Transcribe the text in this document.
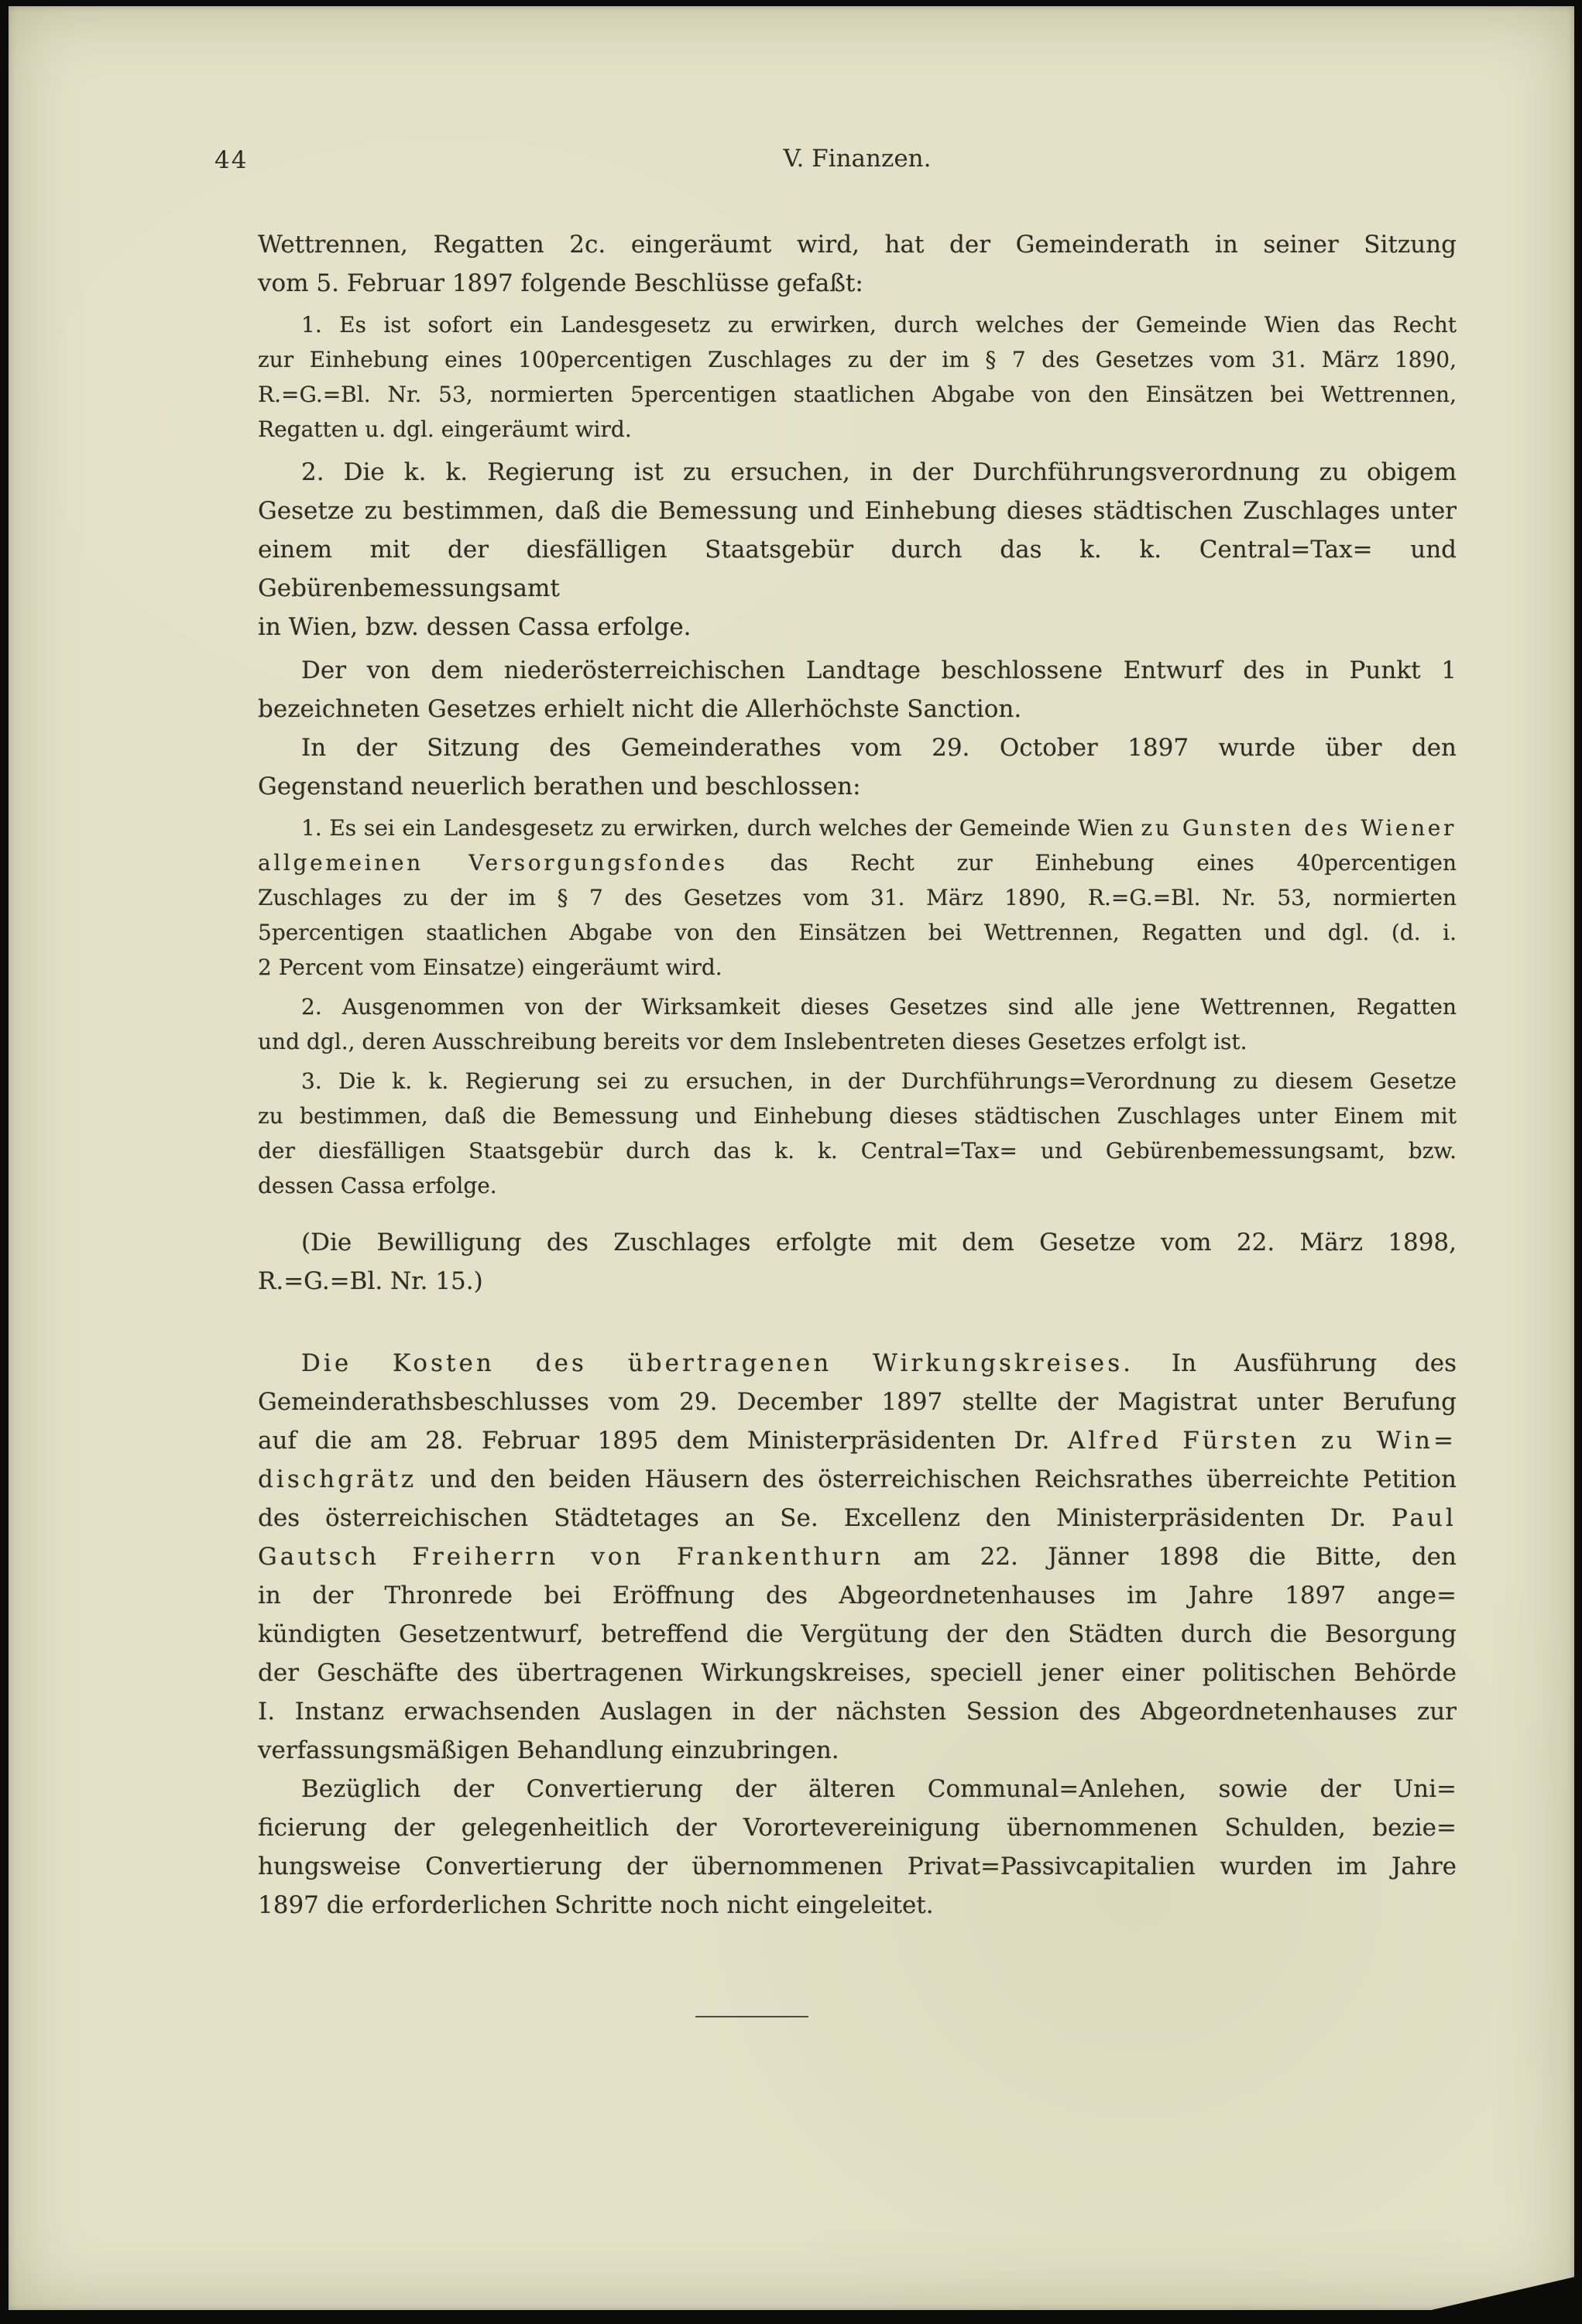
44	V. Finanzen.
Wettrennen, Regatten 2c. eingeräumt wird, hat der Gemeinderath in seiner Sitzung
vom 5. Februar 1897 folgende Beschlüsse gefaßt:
1. Es ist sofort ein Landesgesetz zu erwirken, durch welches der Gemeinde Wien das Recht
zur Einhebung eines 100percentigen Zuschlages zu der im § 7 des Gesetzes vom 31. März 1890,
R.=G.=Bl. Nr. 53, normierten 5percentigen staatlichen Abgabe von den Einsätzen bei Wettrennen,
Regatten u. dgl. eingeräumt wird.
2. Die k. k. Regierung ist zu ersuchen, in der Durchführungsverordnung zu obigem
Gesetze zu bestimmen, daß die Bemessung und Einhebung dieses städtischen Zuschlages unter
einem mit der diesfälligen Staatsgebür durch das k. k. Central=Tax= und Gebürenbemessungsamt
in Wien, bzw. dessen Cassa erfolge.
Der von dem niederösterreichischen Landtage beschlossene Entwurf des in Punkt 1
bezeichneten Gesetzes erhielt nicht die Allerhöchste Sanction.
In der Sitzung des Gemeinderathes vom 29. October 1897 wurde über den
Gegenstand neuerlich berathen und beschlossen:
1. Es sei ein Landesgesetz zu erwirken, durch welches der Gemeinde Wien zu Gunsten des Wiener
allgemeinen Versorgungsfondes das Recht zur Einhebung eines 40percentigen
Zuschlages zu der im § 7 des Gesetzes vom 31. März 1890, R.=G.=Bl. Nr. 53, normierten
5percentigen staatlichen Abgabe von den Einsätzen bei Wettrennen, Regatten und dgl. (d. i.
2 Percent vom Einsatze) eingeräumt wird.
2. Ausgenommen von der Wirksamkeit dieses Gesetzes sind alle jene Wettrennen, Regatten
und dgl., deren Ausschreibung bereits vor dem Inslebentreten dieses Gesetzes erfolgt ist.
3. Die k. k. Regierung sei zu ersuchen, in der Durchführungs=Verordnung zu diesem Gesetze
zu bestimmen, daß die Bemessung und Einhebung dieses städtischen Zuschlages unter Einem mit
der diesfälligen Staatsgebür durch das k. k. Central=Tax= und Gebürenbemessungsamt, bzw.
dessen Cassa erfolge.
(Die Bewilligung des Zuschlages erfolgte mit dem Gesetze vom 22. März 1898,
R.=G.=Bl. Nr. 15.)
Die Kosten des übertragenen Wirkungskreises. In Ausführung des
Gemeinderathsbeschlusses vom 29. December 1897 stellte der Magistrat unter Berufung
auf die am 28. Februar 1895 dem Ministerpräsidenten Dr. Alfred Fürsten zu Win=
dischgrätz und den beiden Häusern des österreichischen Reichsrathes überreichte Petition
des österreichischen Städtetages an Se. Excellenz den Ministerpräsidenten Dr. Paul
Gautsch Freiherrn von Frankenthurn am 22. Jänner 1898 die Bitte, den
in der Thronrede bei Eröffnung des Abgeordnetenhauses im Jahre 1897 ange=
kündigten Gesetzentwurf, betreffend die Vergütung der den Städten durch die Besorgung
der Geschäfte des übertragenen Wirkungskreises, speciell jener einer politischen Behörde
I. Instanz erwachsenden Auslagen in der nächsten Session des Abgeordnetenhauses zur
verfassungsmäßigen Behandlung einzubringen.
Bezüglich der Convertierung der älteren Communal=Anlehen, sowie der Uni=
ficierung der gelegenheitlich der Vorortevereinigung übernommenen Schulden, bezie=
hungsweise Convertierung der übernommenen Privat=Passivcapitalien wurden im Jahre
1897 die erforderlichen Schritte noch nicht eingeleitet.
